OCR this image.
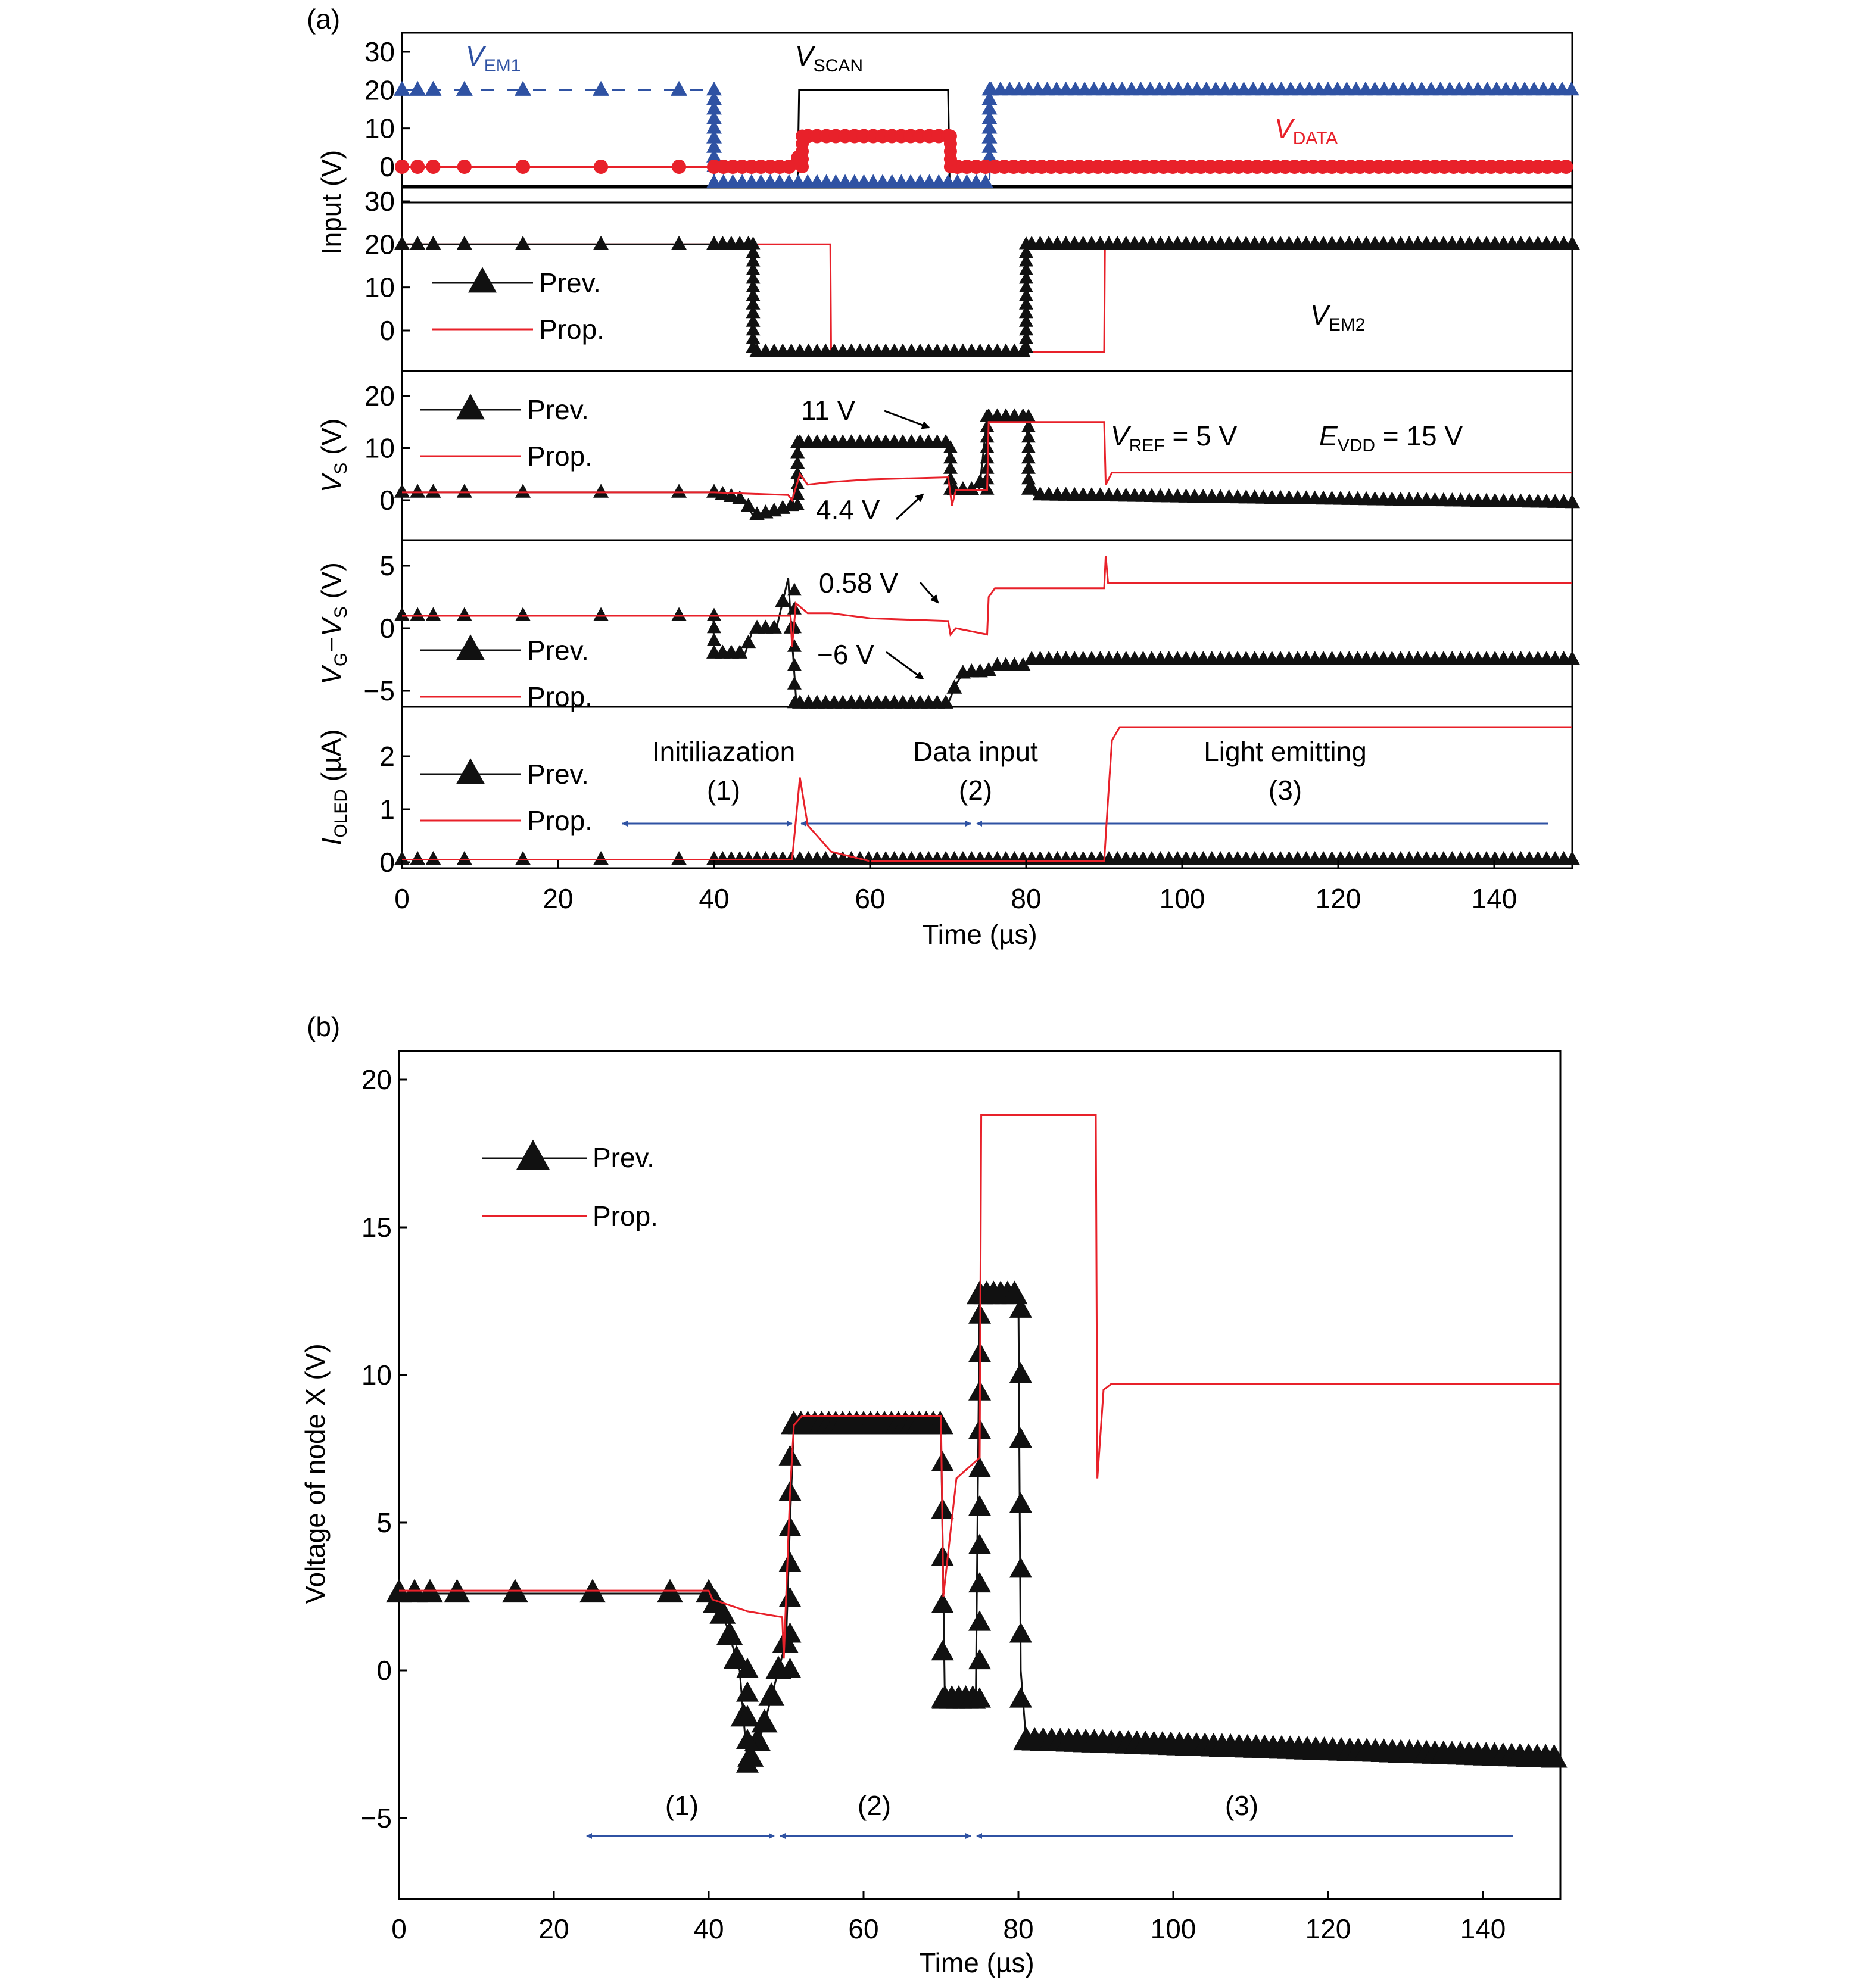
(a)
(b)
Input (V)
$V_{EM1}$	$V_{SCAN}$
$V_{DATA}$
$V_{EM2}$
$V_S$ (V)
11 V
4.4 V
$V_{REF} = 5$ V	$E_{VDD} = 15$ V
$V_G-V_S$ (V)	0.58 V
−6 V
$I_{OLED}$ (µA)	Initiliazation
(1)
Data input
(2)
Light emitting
(3)
Time (µs)
Voltage of node X (V)
Time (µs)
(1)	(2)	(3)
30
20
10
0
30
20
10
0
Prev.
Prop.
20
10
0
Prev.
Prop.
5
0
−5
Prev.
Prop.
2
1
0
Prev.
Prop.
0	20	40	60	80	100	120	140
20
15
10
5
0
−5
0	20	40	60	80	100	120	140
Prev.
Prop.
